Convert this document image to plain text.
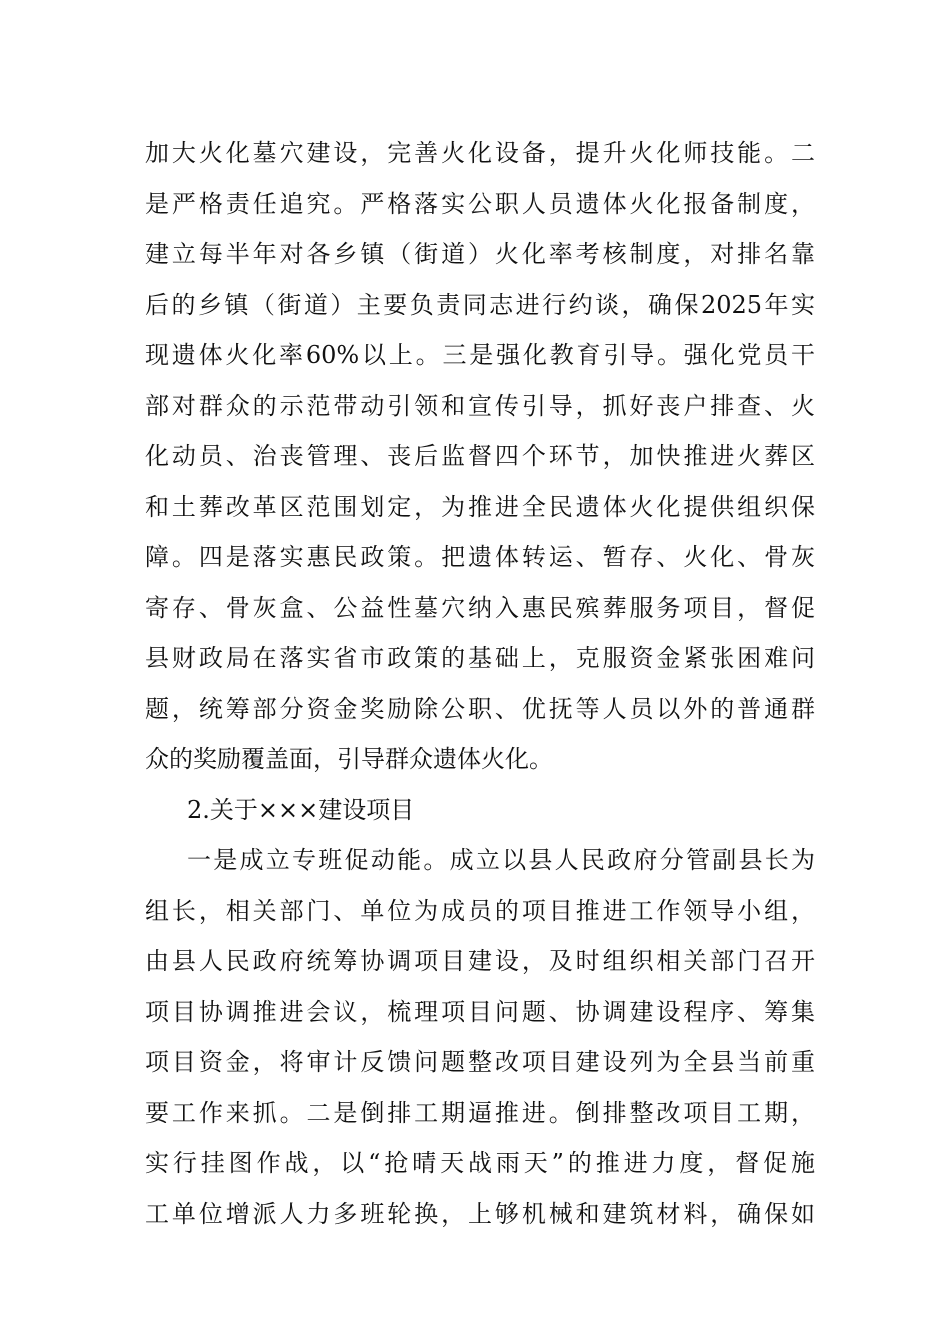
加大火化墓穴建设，完善火化设备，提升火化师技能。二
是严格责任追究。严格落实公职人员遗体火化报备制度，
建立每半年对各乡镇（街道）火化率考核制度，对排名靠
后的乡镇（街道）主要负责同志进行约谈，确保2025年实
现遗体火化率60%以上。三是强化教育引导。强化党员干
部对群众的示范带动引领和宣传引导，抓好丧户排查、火
化动员、治丧管理、丧后监督四个环节，加快推进火葬区
和土葬改革区范围划定，为推进全民遗体火化提供组织保
障。四是落实惠民政策。把遗体转运、暂存、火化、骨灰
寄存、骨灰盒、公益性墓穴纳入惠民殡葬服务项目，督促
县财政局在落实省市政策的基础上，克服资金紧张困难问
题，统筹部分资金奖励除公职、优抚等人员以外的普通群
众的奖励覆盖面，引导群众遗体火化。
2.关于×××建设项目
一是成立专班促动能。成立以县人民政府分管副县长为
组长，相关部门、单位为成员的项目推进工作领导小组，
由县人民政府统筹协调项目建设，及时组织相关部门召开
项目协调推进会议，梳理项目问题、协调建设程序、筹集
项目资金，将审计反馈问题整改项目建设列为全县当前重
要工作来抓。二是倒排工期逼推进。倒排整改项目工期，
实行挂图作战，以“抢晴天战雨天”的推进力度，督促施
工单位增派人力多班轮换，上够机械和建筑材料，确保如
